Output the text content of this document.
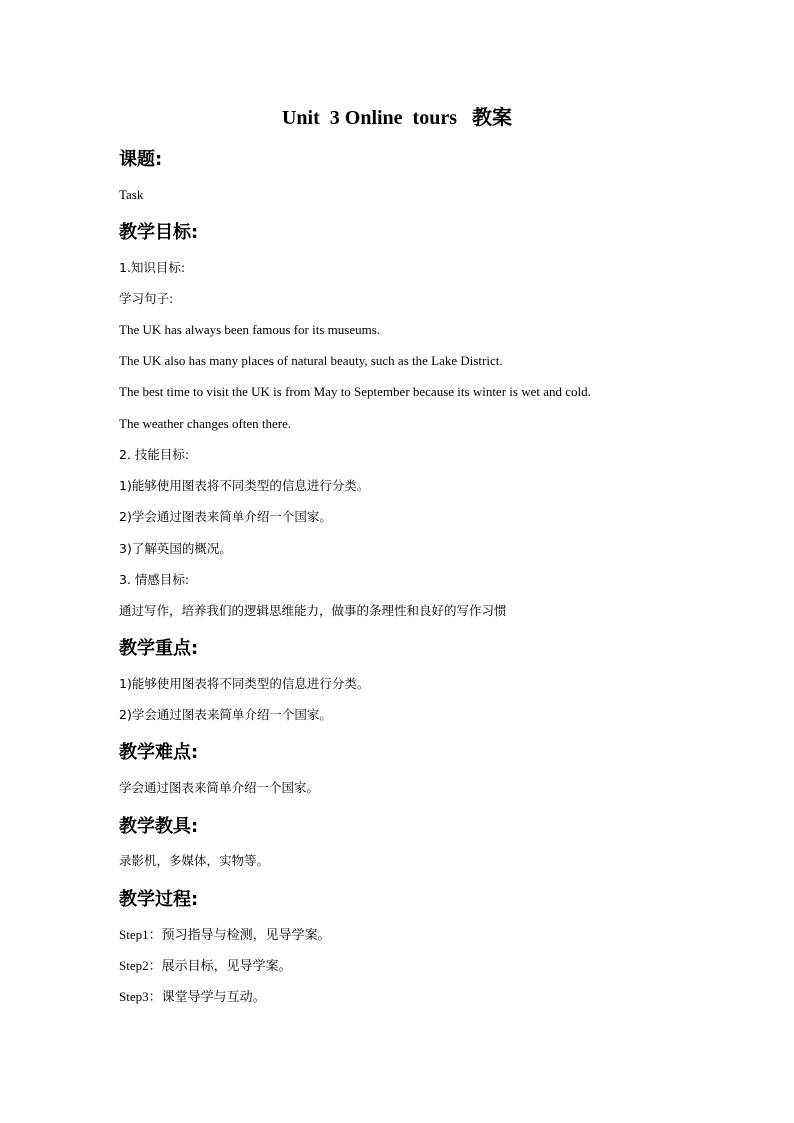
Unit  3 Online  tours   教案
课题:
Task
教学目标:
1.知识目标:
学习句子:
The UK has always been famous for its museums.
The UK also has many places of natural beauty, such as the Lake District.
The best time to visit the UK is from May to September because its winter is wet and cold.
The weather changes often there.
2. 技能目标:
1)能够使用图表将不同类型的信息进行分类。
2)学会通过图表来简单介绍一个国家。
3)了解英国的概况。
3. 情感目标:
通过写作，培养我们的逻辑思维能力，做事的条理性和良好的写作习惯
教学重点:
1)能够使用图表将不同类型的信息进行分类。
2)学会通过图表来简单介绍一个国家。
教学难点:
学会通过图表来简单介绍一个国家。
教学教具:
录影机，多媒体，实物等。
教学过程:
Step1：预习指导与检测，见导学案。
Step2：展示目标，见导学案。
Step3：课堂导学与互动。
